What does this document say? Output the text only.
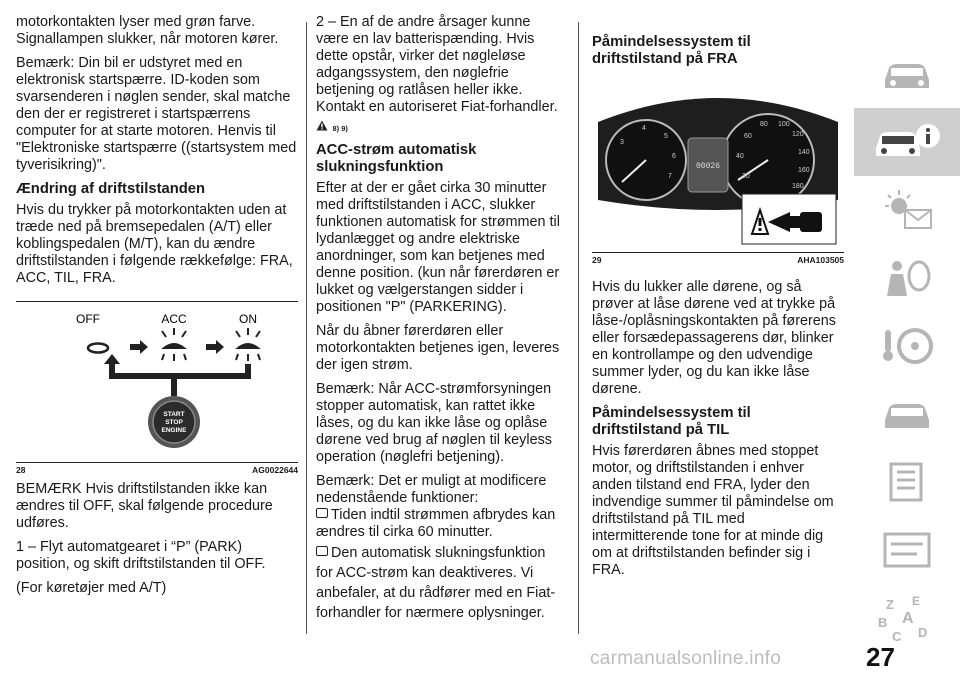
motorkontakten lyser med grøn farve. Signallampen slukker, når motoren kører.

Bemærk: Din bil er udstyret med en elektronisk startspærre. ID-koden som svarsenderen i nøglen sender, skal matche den der er registreret i startspærrens computer for at starte motoren. Henvis til "Elektroniske startspærre ((startsystem med tyverisikring)".

Ændring af driftstilstanden

Hvis du trykker på motorkontakten uden at træde ned på bremsepedalen (A/T) eller koblingspedalen (M/T), kan du ændre driftstilstanden i følgende rækkefølge: FRA, ACC, TIL, FRA.

OFF	ACC	ON
START
STOP
ENGINE
28	AG0022644

BEMÆRK Hvis driftstilstanden ikke kan ændres til OFF, skal følgende procedure udføres.

1 – Flyt automatgearet i “P” (PARK) position, og skift driftstilstanden til OFF.

(For køretøjer med A/T)

2 – En af de andre årsager kunne være en lav batterispænding. Hvis dette opstår, virker det nøgleløse adgangssystem, den nøglefrie betjening og ratlåsen heller ikke. Kontakt en autoriseret Fiat-forhandler.

8) 9)
ACC-strøm automatisk slukningsfunktion

Efter at der er gået cirka 30 minutter med driftstilstanden i ACC, slukker funktionen automatisk for strømmen til lydanlægget og andre elektriske anordninger, som kan betjenes med denne position. (kun når førerdøren er lukket og vælgerstangen sidder i positionen "P" (PARKERING).

Når du åbner førerdøren eller motorkontakten betjenes igen, leveres der igen strøm.

Bemærk: Når ACC-strømforsyningen stopper automatisk, kan rattet ikke låses, og du kan ikke låse og oplåse dørene ved brug af nøglen til keyless operation (nøglefri betjening).

Bemærk: Det er muligt at modificere nedenstående funktioner:

Tiden indtil strømmen afbrydes kan ændres til cirka 60 minutter.

Den automatisk slukningsfunktion for ACC-strøm kan deaktiveres. Vi anbefaler, at du rådfører med en Fiat-forhandler for nærmere oplysninger.

Påmindelsessystem til driftstilstand på FRA
00026
3
4
5
6
7	20
40
60
80 100
120
140
160
180
29	AHA103505

Hvis du lukker alle dørene, og så prøver at låse dørene ved at trykke på låse-/oplåsningskontakten på førerens eller forsædepassagerens dør, blinker en kontrollampe og den udvendige summer lyder, og du kan ikke låse dørene.

Påmindelsessystem til driftstilstand på TIL

Hvis førerdøren åbnes med stoppet motor, og driftstilstanden i enhver anden tilstand end FRA, lyder den indvendige summer til påmindelse om driftstilstand på TIL med intermitterende tone for at minde dig om at driftstilstanden befinder sig i FRA.

Z E
B A
C D
carmanualsonline.info	27
